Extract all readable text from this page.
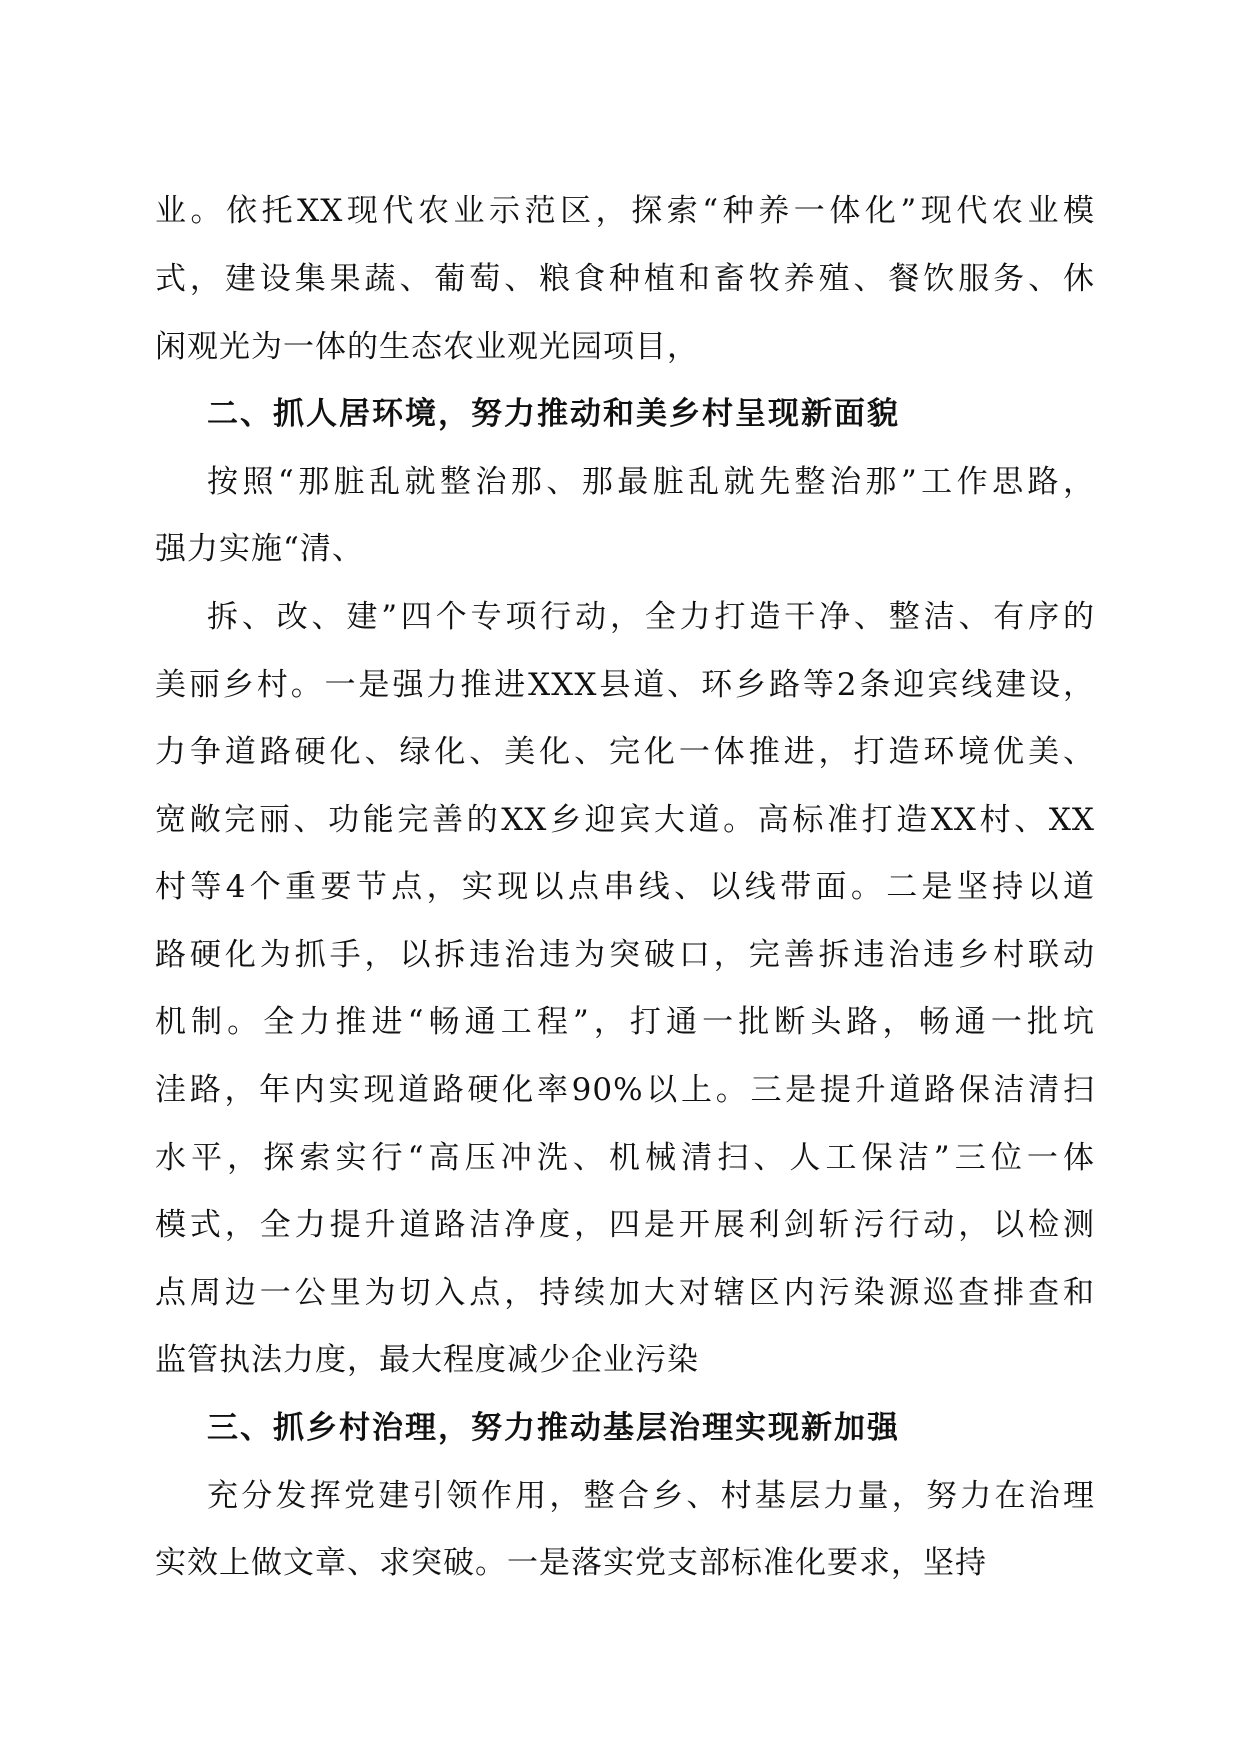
业。依托XX现代农业示范区，探索“种养一体化”现代农业模
式，建设集果蔬、葡萄、粮食种植和畜牧养殖、餐饮服务、休
闲观光为一体的生态农业观光园项目，
二、抓人居环境，努力推动和美乡村呈现新面貌
按照“那脏乱就整治那、那最脏乱就先整治那”工作思路，
强力实施“清、
拆、改、建”四个专项行动，全力打造干净、整洁、有序的
美丽乡村。一是强力推进XXX县道、环乡路等2条迎宾线建设，
力争道路硬化、绿化、美化、完化一体推进，打造环境优美、
宽敞完丽、功能完善的XX乡迎宾大道。高标准打造XX村、XX
村等4个重要节点，实现以点串线、以线带面。二是坚持以道
路硬化为抓手，以拆违治违为突破口，完善拆违治违乡村联动
机制。全力推进“畅通工程”，打通一批断头路，畅通一批坑
洼路，年内实现道路硬化率90%以上。三是提升道路保洁清扫
水平，探索实行“高压冲洗、机械清扫、人工保洁”三位一体
模式，全力提升道路洁净度，四是开展利剑斩污行动，以检测
点周边一公里为切入点，持续加大对辖区内污染源巡查排查和
监管执法力度，最大程度减少企业污染
三、抓乡村治理，努力推动基层治理实现新加强
充分发挥党建引领作用，整合乡、村基层力量，努力在治理
实效上做文章、求突破。一是落实党支部标准化要求，坚持
